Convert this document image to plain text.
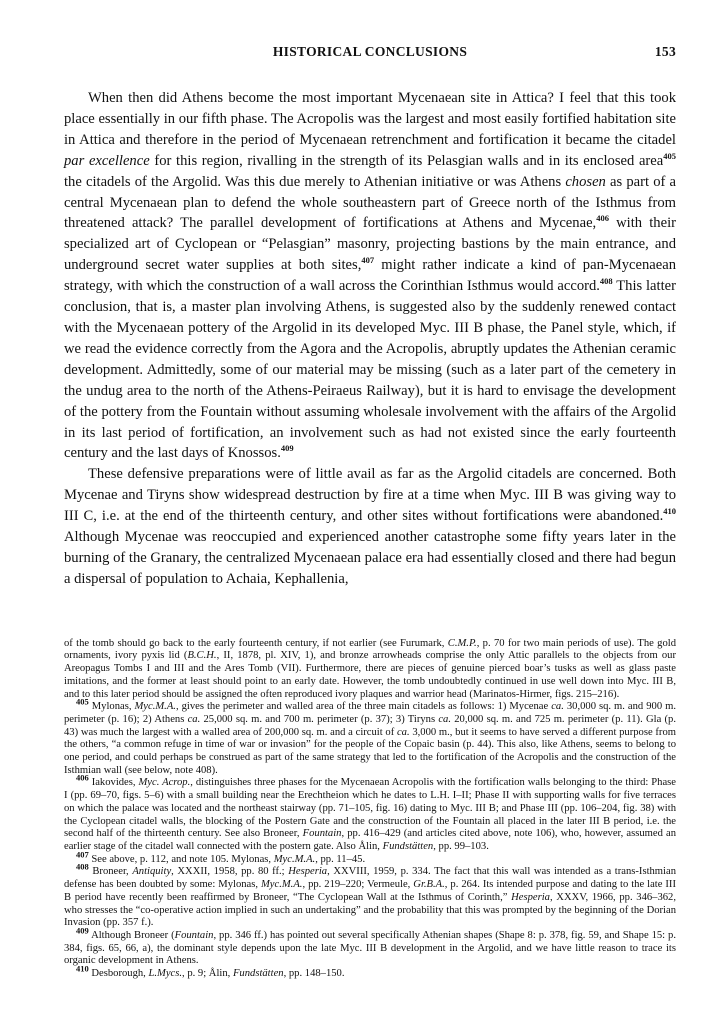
HISTORICAL CONCLUSIONS	153

When then did Athens become the most important Mycenaean site in Attica? I feel that this took place essentially in our fifth phase. The Acropolis was the largest and most easily fortified habitation site in Attica and therefore in the period of Mycenaean retrenchment and fortification it became the citadel par excellence for this region, rivalling in the strength of its Pelasgian walls and in its enclosed area$^{405}$ the citadels of the Argolid. Was this due merely to Athenian initiative or was Athens chosen as part of a central Mycenaean plan to defend the whole southeastern part of Greece north of the Isthmus from threatened attack? The parallel development of fortifications at Athens and Mycenae,$^{406}$ with their specialized art of Cyclopean or “Pelasgian” masonry, projecting bastions by the main entrance, and underground secret water supplies at both sites,$^{407}$ might rather indicate a kind of pan-Mycenaean strategy, with which the construction of a wall across the Corinthian Isthmus would accord.$^{408}$ This latter conclusion, that is, a master plan involving Athens, is suggested also by the suddenly renewed contact with the Mycenaean pottery of the Argolid in its developed Myc. III B phase, the Panel style, which, if we read the evidence correctly from the Agora and the Acropolis, abruptly updates the Athenian ceramic development. Admittedly, some of our material may be missing (such as a later part of the cemetery in the undug area to the north of the Athens-Peiraeus Railway), but it is hard to envisage the development of the pottery from the Fountain without assuming wholesale involvement with the affairs of the Argolid in its last period of fortification, an involvement such as had not existed since the early fourteenth century and the last days of Knossos.$^{409}$

These defensive preparations were of little avail as far as the Argolid citadels are concerned. Both Mycenae and Tiryns show widespread destruction by fire at a time when Myc. III B was giving way to III C, i.e. at the end of the thirteenth century, and other sites without fortifications were abandoned.$^{410}$ Although Mycenae was reoccupied and experienced another catastrophe some fifty years later in the burning of the Granary, the centralized Mycenaean palace era had essentially closed and there had begun a dispersal of population to Achaia, Kephallenia,

of the tomb should go back to the early fourteenth century, if not earlier (see Furumark, C.M.P., p. 70 for two main periods of use). The gold ornaments, ivory pyxis lid (B.C.H., II, 1878, pl. XIV, 1), and bronze arrowheads comprise the only Attic parallels to the objects from our Areopagus Tombs I and III and the Ares Tomb (VII). Furthermore, there are pieces of genuine pierced boar’s tusks as well as glass paste imitations, and the former at least should point to an early date. However, the tomb undoubtedly continued in use well down into Myc. III B, and to this later period should be assigned the often reproduced ivory plaques and warrior head (Marinatos-Hirmer, figs. 215–216).

$^{405}$ Mylonas, Myc.M.A., gives the perimeter and walled area of the three main citadels as follows: 1) Mycenae ca. 30,000 sq. m. and 900 m. perimeter (p. 16); 2) Athens ca. 25,000 sq. m. and 700 m. perimeter (p. 37); 3) Tiryns ca. 20,000 sq. m. and 725 m. perimeter (p. 11). Gla (p. 43) was much the largest with a walled area of 200,000 sq. m. and a circuit of ca. 3,000 m., but it seems to have served a different purpose from the others, “a common refuge in time of war or invasion” for the people of the Copaic basin (p. 44). This also, like Athens, seems to belong to one period, and could perhaps be construed as part of the same strategy that led to the fortification of the Acropolis and the construction of the Isthmian wall (see below, note 408).

$^{406}$ Iakovides, Myc. Acrop., distinguishes three phases for the Mycenaean Acropolis with the fortification walls belonging to the third: Phase I (pp. 69–70, figs. 5–6) with a small building near the Erechtheion which he dates to L.H. I–II; Phase II with supporting walls for five terraces on which the palace was located and the northeast stairway (pp. 71–105, fig. 16) dating to Myc. III B; and Phase III (pp. 106–204, fig. 38) with the Cyclopean citadel walls, the blocking of the Postern Gate and the construction of the Fountain all placed in the later III B period, i.e. the second half of the thirteenth century. See also Broneer, Fountain, pp. 416–429 (and articles cited above, note 106), who, however, assumed an earlier stage of the citadel wall connected with the postern gate. Also Ålin, Fundstätten, pp. 99–103.

$^{407}$ See above, p. 112, and note 105. Mylonas, Myc.M.A., pp. 11–45.

$^{408}$ Broneer, Antiquity, XXXII, 1958, pp. 80 ff.; Hesperia, XXVIII, 1959, p. 334. The fact that this wall was intended as a trans-Isthmian defense has been doubted by some: Mylonas, Myc.M.A., pp. 219–220; Vermeule, Gr.B.A., p. 264. Its intended purpose and dating to the late III B period have recently been reaffirmed by Broneer, “The Cyclopean Wall at the Isthmus of Corinth,” Hesperia, XXXV, 1966, pp. 346–362, who stresses the “co-operative action implied in such an undertaking” and the probability that this was prompted by the beginning of the Dorian Invasion (pp. 357 f.).

$^{409}$ Although Broneer (Fountain, pp. 346 ff.) has pointed out several specifically Athenian shapes (Shape 8: p. 378, fig. 59, and Shape 15: p. 384, figs. 65, 66, a), the dominant style depends upon the late Myc. III B development in the Argolid, and we have little reason to trace its organic development in Athens.

$^{410}$ Desborough, L.Mycs., p. 9; Ålin, Fundstätten, pp. 148–150.
